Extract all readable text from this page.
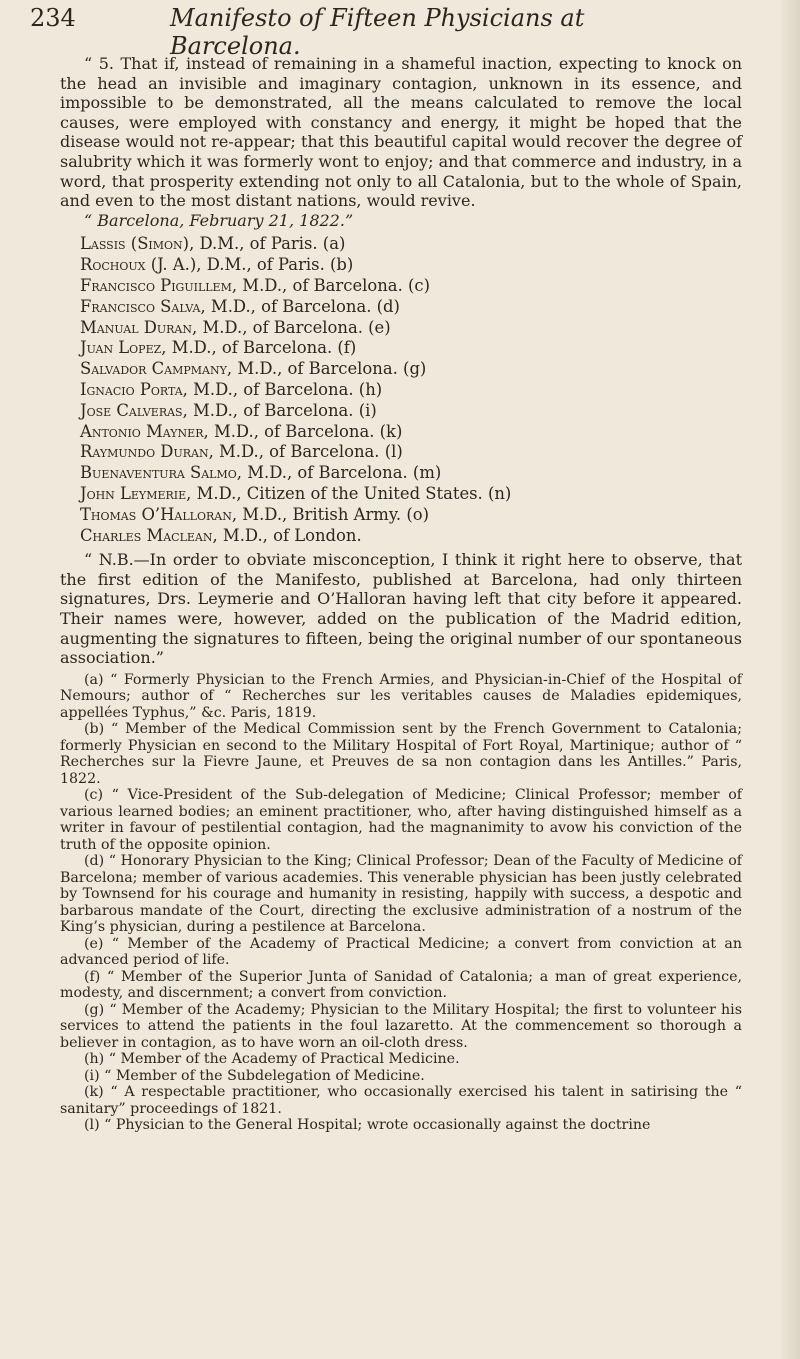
234	Manifesto of Fifteen Physicians at Barcelona.

“ 5. That if, instead of remaining in a shameful inaction, expecting to knock on the head an invisible and imaginary contagion, unknown in its essence, and impossible to be demonstrated, all the means calculated to remove the local causes, were employed with constancy and energy, it might be hoped that the disease would not re-appear; that this beautiful capital would recover the degree of salubrity which it was formerly wont to enjoy; and that commerce and industry, in a word, that prosperity extending not only to all Catalonia, but to the whole of Spain, and even to the most distant nations, would revive.

“ Barcelona, February 21, 1822.”

Lassis (Simon), D.M., of Paris. (a)
Rochoux (J. A.), D.M., of Paris. (b)
Francisco Piguillem, M.D., of Barcelona. (c)
Francisco Salva, M.D., of Barcelona. (d)
Manual Duran, M.D., of Barcelona. (e)
Juan Lopez, M.D., of Barcelona. (f)
Salvador Campmany, M.D., of Barcelona. (g)
Ignacio Porta, M.D., of Barcelona. (h)
Jose Calveras, M.D., of Barcelona. (i)
Antonio Mayner, M.D., of Barcelona. (k)
Raymundo Duran, M.D., of Barcelona. (l)
Buenaventura Salmo, M.D., of Barcelona. (m)
John Leymerie, M.D., Citizen of the United States. (n)
Thomas O’Halloran, M.D., British Army. (o)
Charles Maclean, M.D., of London.

“ N.B.—In order to obviate misconception, I think it right here to observe, that the first edition of the Manifesto, published at Barcelona, had only thirteen signatures, Drs. Leymerie and O’Halloran having left that city before it appeared. Their names were, however, added on the publication of the Madrid edition, augmenting the signatures to fifteen, being the original number of our spontaneous association.”

(a) “ Formerly Physician to the French Armies, and Physician-in-Chief of the Hospital of Nemours; author of “ Recherches sur les veritables causes de Maladies epidemiques, appellées Typhus,” &c. Paris, 1819.

(b) “ Member of the Medical Commission sent by the French Government to Catalonia; formerly Physician en second to the Military Hospital of Fort Royal, Martinique; author of “ Recherches sur la Fievre Jaune, et Preuves de sa non contagion dans les Antilles.” Paris, 1822.

(c) “ Vice-President of the Sub-delegation of Medicine; Clinical Professor; member of various learned bodies; an eminent practitioner, who, after having distinguished himself as a writer in favour of pestilential contagion, had the magnanimity to avow his conviction of the truth of the opposite opinion.

(d) “ Honorary Physician to the King; Clinical Professor; Dean of the Faculty of Medicine of Barcelona; member of various academies. This venerable physician has been justly celebrated by Townsend for his courage and humanity in resisting, happily with success, a despotic and barbarous mandate of the Court, directing the exclusive administration of a nostrum of the King’s physician, during a pestilence at Barcelona.

(e) “ Member of the Academy of Practical Medicine; a convert from conviction at an advanced period of life.

(f) “ Member of the Superior Junta of Sanidad of Catalonia; a man of great experience, modesty, and discernment; a convert from conviction.

(g) “ Member of the Academy; Physician to the Military Hospital; the first to volunteer his services to attend the patients in the foul lazaretto. At the commencement so thorough a believer in contagion, as to have worn an oil-cloth dress.

(h) “ Member of the Academy of Practical Medicine.

(i) “ Member of the Subdelegation of Medicine.

(k) “ A respectable practitioner, who occasionally exercised his talent in satirising the “ sanitary” proceedings of 1821.

(l) “ Physician to the General Hospital; wrote occasionally against the doctrine
